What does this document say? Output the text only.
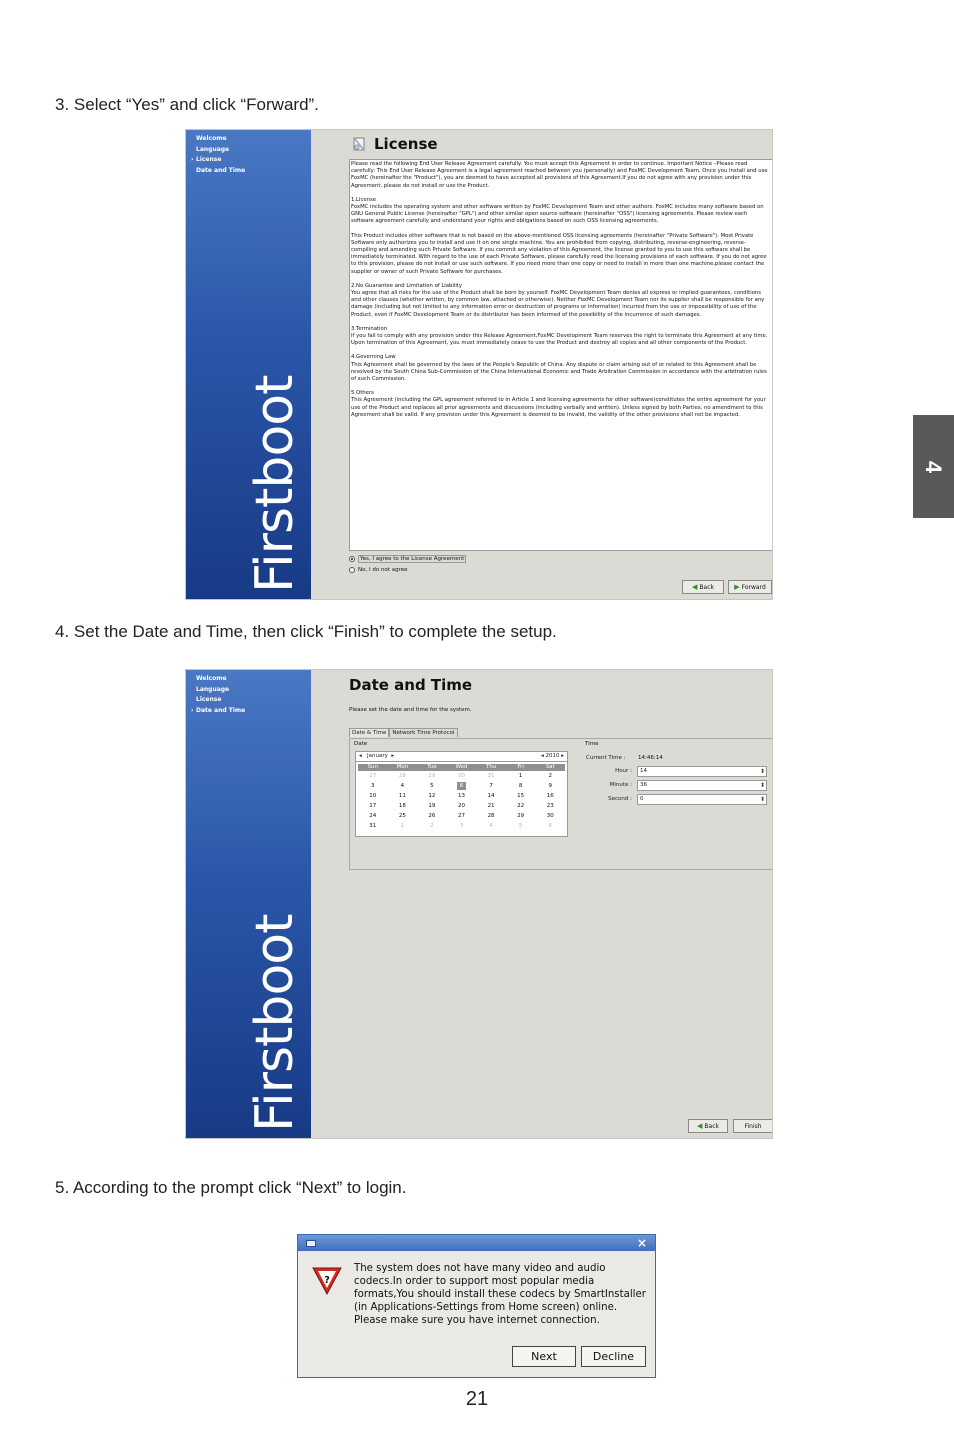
3. Select “Yes” and click “Forward”.
Welcome
Language
› License
Date and Time
Firstboot
License

Please read the following End User Release Agreement carefully. You must accept this Agreement in order to continue. Important Notice –Please read carefully: This End User Release Agreement is a legal agreement reached between you (personally) and FoxMC Development Team. Once you install and use FoxMC (hereinafter the "Product"), you are deemed to have accepted all provisions of this Agreement.If you do not agree with any provision under this Agreement, please do not install or use the Product.

1.License
FoxMC includes the operating system and other software written by FoxMC Development Team and other authors. FoxMC includes many software based on GNU General Public License (hereinafter "GPL") and other similar open source software (hereinafter "OSS") licensing agreements. Please review each software agreement carefully and understand your rights and obligations based on such OSS licensing agreements.

This Product includes other software that is not based on the above-mentioned OSS licensing agreements (hereinafter "Private Software"). Most Private Software only authorizes you to install and use it on one single machine. You are prohibited from copying, distributing, reverse-engineering, reverse-compiling and amending such Private Software. If you commit any violation of this Agreement, the license granted to you to use this software shall be immediately terminated. With regard to the use of each Private Software, please carefully read the licensing provisions of each software. If you do not agree to this provision, please do not install or use such software. If you need more than one copy or need to install in more than one machine,please contact the supplier or owner of such Private Software for purchases.

2.No Guarantee and Limitation of Liability
You agree that all risks for the use of the Product shall be born by yourself. FoxMC Development Team denies all express or implied guarantees, conditions and other clauses (whether written, by common law, attached or otherwise). Neither FoxMC Development Team nor its supplier shall be responsible for any damage (including but not limited to any information error or destruction of programs or information) incurred from the use or impossibility of use of the Product, even if FoxMC Development Team or its distributor has been informed of the possibility of the incurrence of such damages.

3.Termination
If you fail to comply with any provision under this Release Agreement,FoxMC Development Team reserves the right to terminate this Agreement at any time. Upon termination of this Agreement, you must immediately cease to use the Product and destroy all copies and all other components of the Product.

4.Governing Law
This Agreement shall be governed by the laws of the People's Republic of China. Any dispute or claim arising out of or related to this Agreement shall be resolved by the South China Sub-Commission of the China International Economic and Trade Arbitration Commission in accordance with the arbitration rules of such Commission.

5.Others
This Agreement (including the GPL agreement referred to in Article 1 and licensing agreements for other software)constitutes the entire agreement for your use of the Product and replaces all prior agreements and discussions (including verbally and written). Unless signed by both Parties, no amendment to this Agreement shall be valid. If any provision under this Agreement is deemed to be invalid, the validity of the other provisions shall not be impacted.

Yes, I agree to the License Agreement
No, I do not agree
◀ Back	▶ Forward
4
4. Set the Date and Time, then click “Finish” to complete the setup.
Welcome
Language
License
› Date and Time
Firstboot
Date and Time
Please set the date and time for the system.
Date & Time	Network Time Protocol
Date
◂   January  ▸	◂ 2010 ▸
Sun	Mon	Tue	Wed	Thu	Fri	Sat
27	28	29	30	31	1	2
3	4	5	6	7	8	9
10	11	12	13	14	15	16
17	18	19	20	21	22	23
24	25	26	27	28	29	30
31	1	2	3	4	5	6
Time
Current Time :	14:46:14
Hour :	14 ⬍
Minute :	36 ⬍
Second :	0 ⬍
◀ Back	Finish
5. According to the prompt click “Next” to login.
×
?
The system does not have many video and audio codecs.In order to support most popular media formats,You should install these codecs by SmartInstaller (in Applications-Settings from Home screen) online. Please make sure you have internet connection.
Next	Decline
21
